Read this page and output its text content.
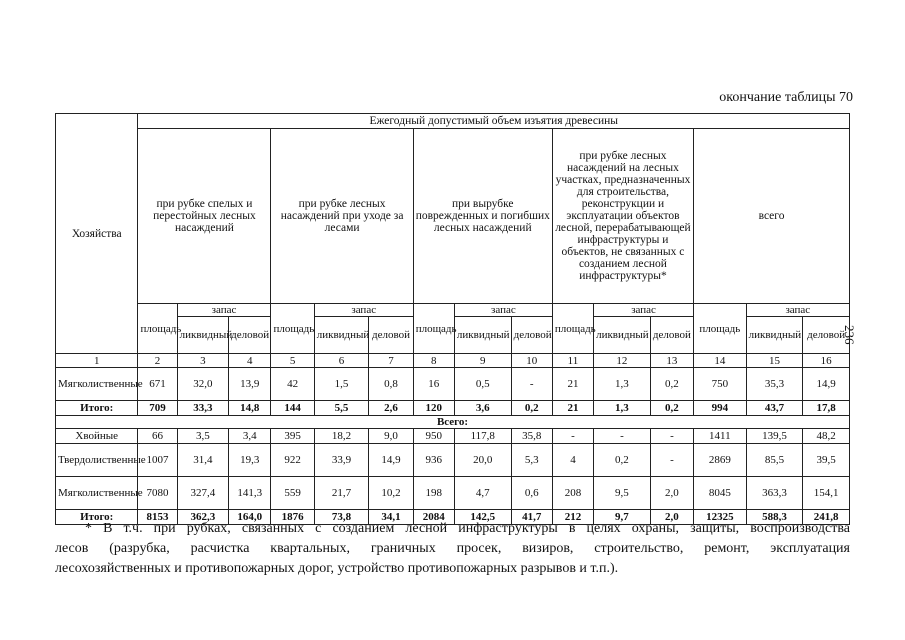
окончание таблицы 70
236
Хозяйства	Ежегодный допустимый объем изъятия древесины														
	при рубке спелых и перестойных лесных насаждений			при рубке леcных насаждений при уходе за лесами			при вырубке поврежденных и погибших лесных насаждений			при рубке лесных насаждений на лесных участках, предназначенных для строительства, реконструкции и эксплуатации объектов лесной, перерабатывающей инфраструктуры и объектов, не связанных с созданием лесной инфраструктуры*			всего		
	площадь	запас		площадь	запас		площадь	запас		площадь	запас		площадь	запас	
		ликвидный	деловой		ликвидный	деловой		ликвидный	деловой		ликвидный	деловой		ликвидный	деловой
1	2	3	4	5	6	7	8	9	10	11	12	13	14	15	16
Мягколиственные	671	32,0	13,9	42	1,5	0,8	16	0,5	-	21	1,3	0,2	750	35,3	14,9
Итого:	709	33,3	14,8	144	5,5	2,6	120	3,6	0,2	21	1,3	0,2	994	43,7	17,8
Всего:															
Хвойные	66	3,5	3,4	395	18,2	9,0	950	117,8	35,8	-	-	-	1411	139,5	48,2
Твердолиственные	1007	31,4	19,3	922	33,9	14,9	936	20,0	5,3	4	0,2	-	2869	85,5	39,5
Мягколиственные	7080	327,4	141,3	559	21,7	10,2	198	4,7	0,6	208	9,5	2,0	8045	363,3	154,1
Итого:	8153	362,3	164,0	1876	73,8	34,1	2084	142,5	41,7	212	9,7	2,0	12325	588,3	241,8

* В т.ч. при рубках, связанных с созданием лесной инфраструктуры в целях охраны, защиты, воспроизводства

лесов (разрубка, расчистка квартальных, граничных просек, визиров, строительство, ремонт, эксплуатация

лесохозяйственных и противопожарных дорог, устройство противопожарных разрывов и т.п.).
